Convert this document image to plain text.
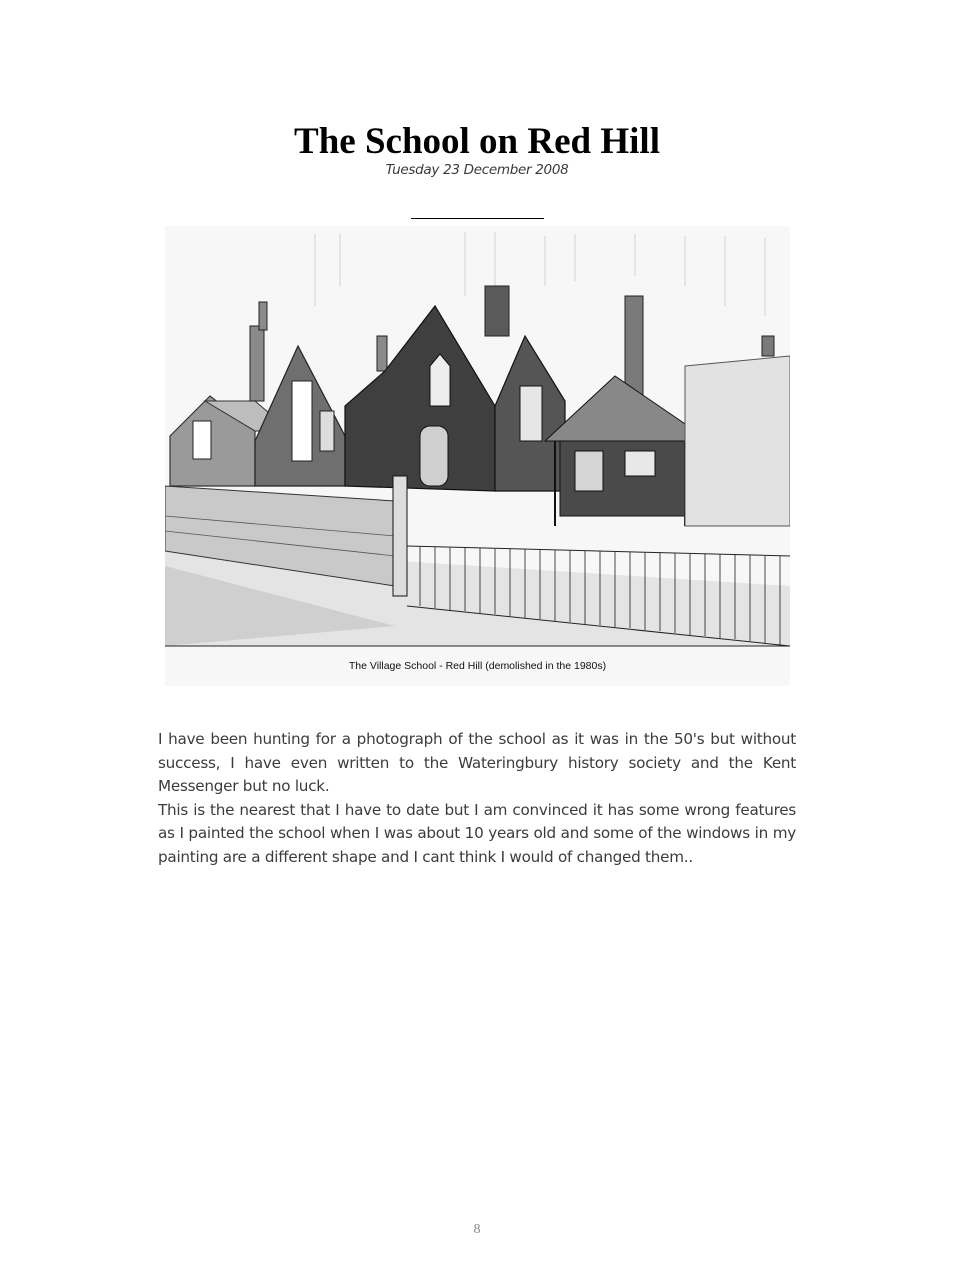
The School on Red Hill
Tuesday 23 December 2008
The Village School - Red Hill (demolished in the 1980s)

I have been hunting for a photograph of the school as it was in the 50's but without success, I have even written to the Wateringbury history society and the Kent Messenger but no luck.

This is the nearest that I have to date but I am convinced it has some wrong features as I painted the school when I was about 10 years old and some of the windows in my painting are a different shape and I cant think I would of changed them..

8
